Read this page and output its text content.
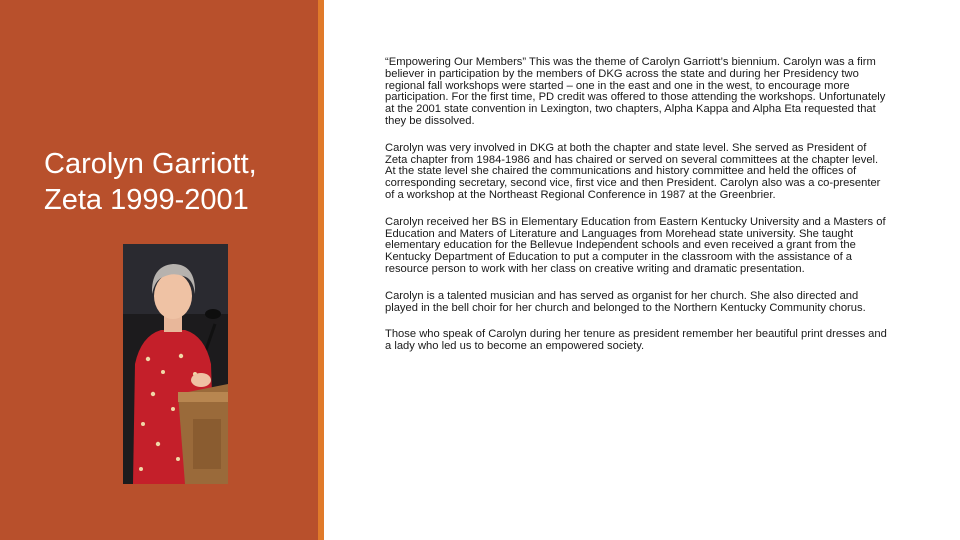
Carolyn Garriott,
Zeta 1999-2001

“Empowering Our Members” This was the theme of Carolyn Garriott’s biennium. Carolyn was a firm believer in participation by the members of DKG across the state and during her Presidency two regional fall workshops were started – one in the east and one in the west, to encourage more participation. For the first time, PD credit was offered to those attending the workshops. Unfortunately at the 2001 state convention in Lexington, two chapters, Alpha Kappa and Alpha Eta requested that they be dissolved.

Carolyn was very involved in DKG at both the chapter and state level. She served as President of Zeta chapter from 1984-1986 and has chaired or served on several committees at the chapter level. At the state level she chaired the communications and history committee and held the offices of corresponding secretary, second vice, first vice and then President. Carolyn also was a co-presenter of a workshop at the Northeast Regional Conference in 1987 at the Greenbrier.

Carolyn received her BS in Elementary Education from Eastern Kentucky University and a Masters of Education and Maters of Literature and Languages from Morehead state university. She taught elementary education for the Bellevue Independent schools and even received a grant from the Kentucky Department of Education to put a computer in the classroom with the assistance of a resource person to work with her class on creative writing and dramatic presentation.

Carolyn is a talented musician and has served as organist for her church. She also directed and played in the bell choir for her church and belonged to the Northern Kentucky Community chorus.

Those who speak of Carolyn during her tenure as president remember her beautiful print dresses and a lady who led us to become an empowered society.
